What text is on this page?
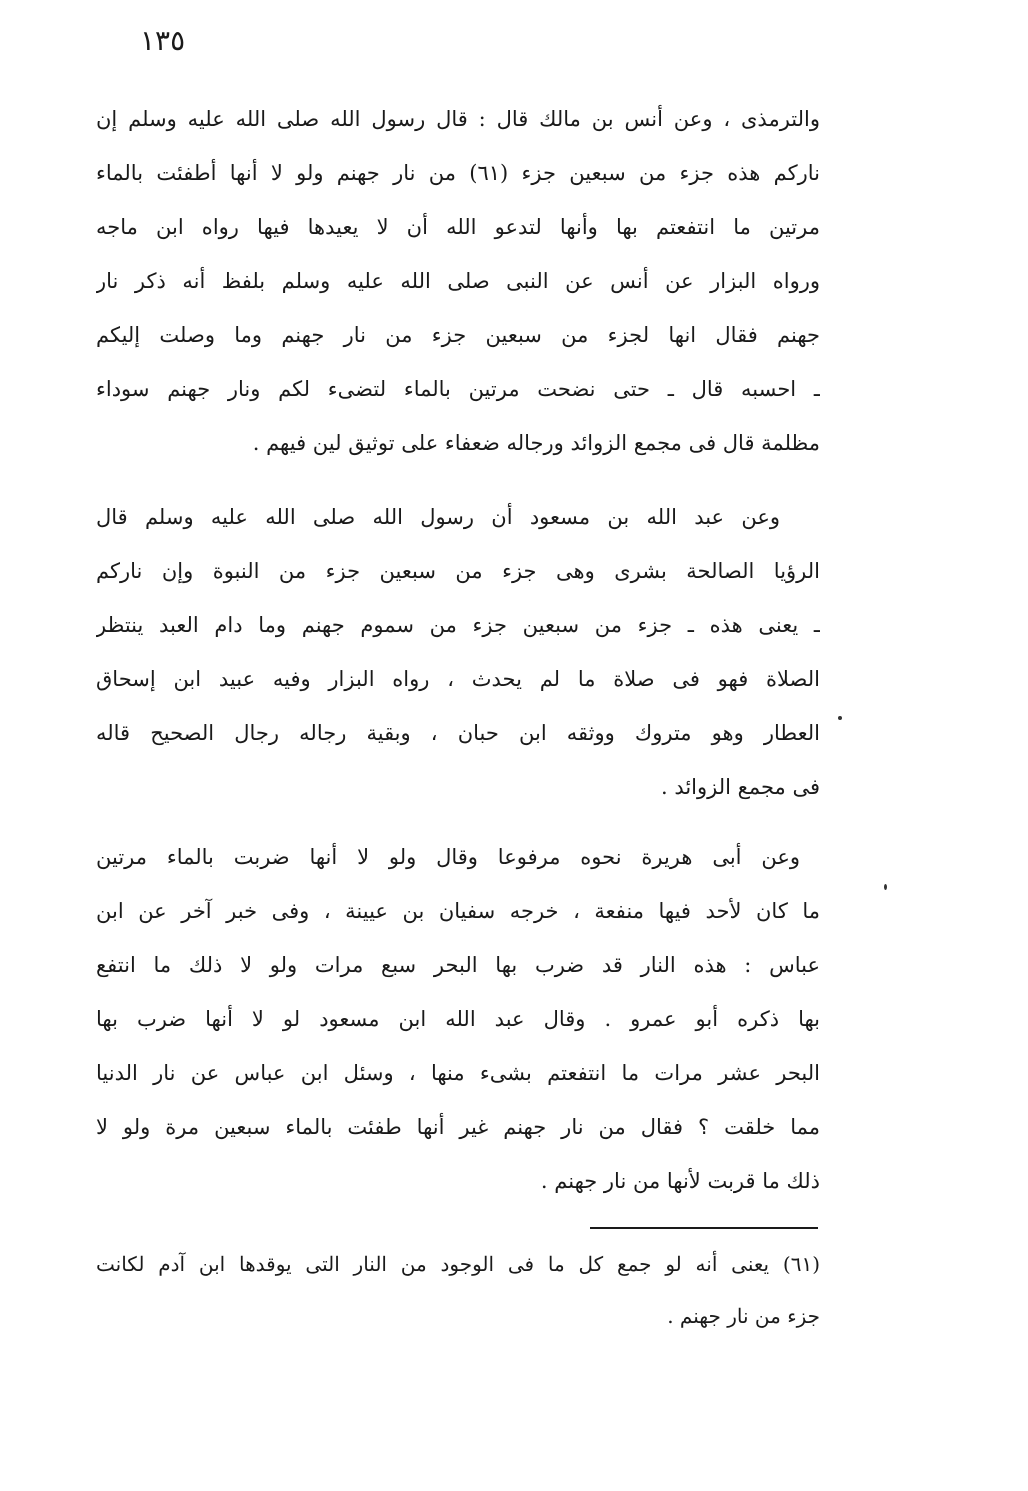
١٣٥
والترمذى ، وعن أنس بن مالك قال : قال رسول الله صلى الله عليه وسلم إن
ناركم هذه جزء من سبعين جزء (٦١) من نار جهنم ولو لا أنها أطفئت بالماء
مرتين ما انتفعتم بها وأنها لتدعو الله أن لا يعيدها فيها رواه ابن ماجه
ورواه البزار عن أنس عن النبى صلى الله عليه وسلم بلفظ أنه ذكر نار
جهنم فقال انها لجزء من سبعين جزء من نار جهنم وما وصلت إليكم
ـ احسبه قال ـ حتى نضحت مرتين بالماء لتضىء لكم ونار جهنم سوداء
مظلمة قال فى مجمع الزوائد ورجاله ضعفاء على توثيق لين فيهم .
وعن عبد الله بن مسعود أن رسول الله صلى الله عليه وسلم قال
الرؤيا الصالحة بشرى وهى جزء من سبعين جزء من النبوة وإن ناركم
ـ يعنى هذه ـ جزء من سبعين جزء من سموم جهنم وما دام العبد ينتظر
الصلاة فهو فى صلاة ما لم يحدث ، رواه البزار وفيه عبيد ابن إسحاق
العطار وهو متروك ووثقه ابن حبان ، وبقية رجاله رجال الصحيح قاله
فى مجمع الزوائد .
وعن أبى هريرة نحوه مرفوعا وقال ولو لا أنها ضربت بالماء مرتين
ما كان لأحد فيها منفعة ، خرجه سفيان بن عيينة ، وفى خبر آخر عن ابن
عباس : هذه النار قد ضرب بها البحر سبع مرات ولو لا ذلك ما انتفع
بها ذكره أبو عمرو . وقال عبد الله ابن مسعود لو لا أنها ضرب بها
البحر عشر مرات ما انتفعتم بشىء منها ، وسئل ابن عباس عن نار الدنيا
مما خلقت ؟ فقال من نار جهنم غير أنها طفئت بالماء سبعين مرة ولو لا
ذلك ما قربت لأنها من نار جهنم .
(٦١) يعنى أنه لو جمع كل ما فى الوجود من النار التى يوقدها ابن آدم لكانت
جزء من نار جهنم .
